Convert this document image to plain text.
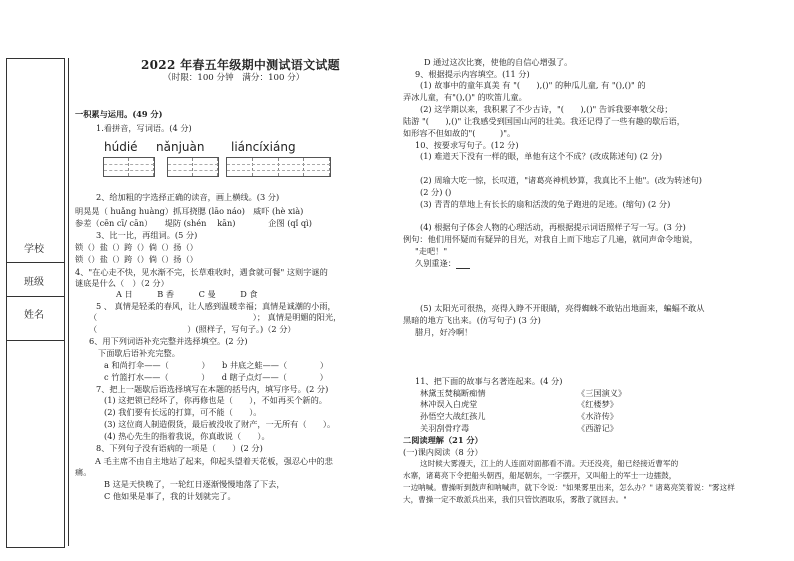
学校
班级
姓名
2022 年春五年级期中测试语文试题
（时限：100 分钟　满分：100 分）
一积累与运用。(49 分)
1.看拼音，写词语。(4 分)
húdié nǎnjuàn liáncíxiáng
2、给加粗的字选择正确的读音，画上横线。(3 分)
明晃晃（ huǎng huàng）抓耳挠腮 (lāo náo)　威吓 (hè xià)
参差（cēn cī/ cān）　　堤防 (shén　 kān)　　　　企图 (qǐ qì)
3、比一比，再组词。(5 分)
锁（）盐（）跨（）倘（）扬（）
锁（）盐（）跨（）倘（）扬（）
4、"在心走不快，见水渐不完，长草难收时，遇食就可餐" 这则字谜的谜底是什么（　）（2 分）
A 日　　　B 香　　　C 曼　　　D 食
5 、 真情是轻柔的春风，让人感到温暖幸福；真情是诚潮的小雨，
（　　　　　　　　　　　　　　　　　　　）； 真情是明媚的阳光，
（　　　　　　　　　　　）(照样子，写句子。)（2 分）
6、用下列词语补充完整并选择填空。(2 分)
下面歇后语补充完整。
a 和尚打伞——（　　　　）　　b 井底之蛙——（　　　　）
c 竹篮打水——（　　　　）　　d 瞎子点灯——（　　　　）
7、把上一题歇后语选择填写在本题的括号内，填写序号。(2 分)
(1) 这把锁已经坏了，你再修也是（　　），不如再买个新的。
(2) 我们要有长远的打算，可不能（　　）。
(3) 这位商人制造假货，最后被没收了财产，一无所有（　　）。
(4) 热心先生的指着我说，你真敢说（　　）。
8、下列句子没有语病的一项是（　　）(2 分)
A 毛主席不由自主地站了起来，仰起头望着天花板，强忍心中的悲痛。
B 这是天快晚了，一轮红日逐渐慢慢地落了下去，
C 他如果是事了，我的计划就完了。
D 通过这次比赛，使他的自信心增强了。
9、根据提示内容填空。(11 分)
(1) 故事中的童年真美 有 "(　　),()" 的种瓜儿童, 有 "(),()" 的
弄冰儿童，有"(),()" 的吹笛儿童。
(2) 这学期以来，我积累了不少古诗，"(　　),()" 告诉我要率敬父母；
陆游 "(　　),()" 让我感受到国国山河的壮美。我还记得了一些有趣的歇后语，
如形容不但如故的"(　　　)"。
10、按要求写句子。(12 分)
(1) 难道天下没有一样的眼，单他有这个不成？(改成陈述句) (2 分)
(2) 周瑜大吃一惊，长叹道，"诸葛亮神机妙算，我真比不上他"。(改为转述句)
(2 分) ()
(3) 青青的草地上有长长的扇和活泼的兔子跑进的足迹。(缩句) (2 分)
(4) 根据句子体会人物的心理活动，再根据提示词语照样子写一写。(3 分)
例句：他们用怀疑而有疑异的目光，对我自上而下地忘了几遍，就同声命令地说，
"走吧！"
久别重逢：
(5) 太阳光可很热，亮得入睁不开眼睛，亮得蜘蛛不敢钻出地面来，蝙蝠不敢从
黑暗的地方飞出来。(仿写句子) (3 分)
腊月，好冷啊！
11、把下面的故事与名著连起来。(4 分)
林黛玉焚稿断痴情
林冲误入白虎堂
孙悟空大战红孩儿
关羽刮骨疗毒
《三国演义》
《红楼梦》
《水浒传》
《西游记》
二阅读理解（21 分）
(一)课内阅读（8 分）
这时候大雾漫天，江上的人连面对面都看不清。天还没亮，船已经接近曹军的
水寨，诸葛亮下令把船头朝西，船尾朝东，一字摆开，又叫船上的军士一边擂鼓，
一边呐喊。曹操听到鼓声和呐喊声，就下令说："如果雾里出来，怎么办？" 诸葛亮笑着说："雾这样
大，曹操一定不敢派兵出来，我们只管饮酒取乐，雾散了就回去。"
